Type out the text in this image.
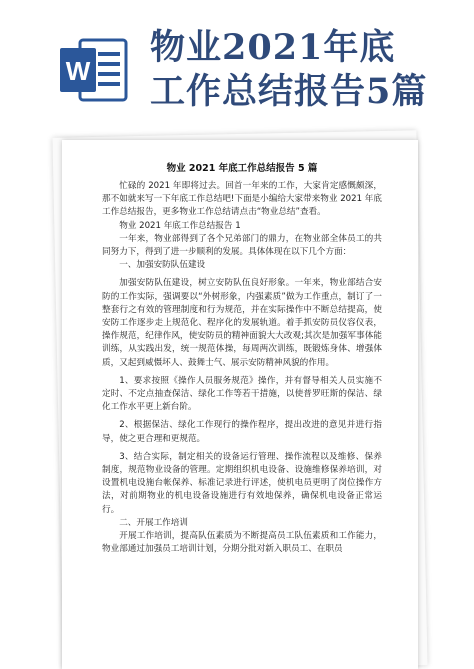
W
物业2021年底
工作总结报告5篇
物业 2021 年底工作总结报告 5 篇

忙碌的 2021 年即将过去。回首一年来的工作，大家肯定感慨颇深，那不如就来写一下年底工作总结吧!下面是小编给大家带来物业 2021 年底工作总结报告，更多物业工作总结请点击“物业总结”查看。

物业 2021 年底工作总结报告 1

一年来，物业部得到了各个兄弟部门的鼎力，在物业部全体员工的共同努力下，得到了进一步顺利的发展。具体体现在以下几个方面：

一、加强安防队伍建设

加强安防队伍建设，树立安防队伍良好形象。一年来，物业部结合安防的工作实际，强调要以“外树形象，内强素质”做为工作重点，制订了一整套行之有效的管理制度和行为规范，并在实际操作中不断总结提高，使安防工作逐步走上规范化、程序化的发展轨道。着手抓安防员仪容仪表，操作规范，纪律作风，使安防员的精神面貌大大改观;其次是加强军事体能训练，从实践出发，统一规范体操，每周两次训练，既锻炼身体、增强体质，又起到威慑坏人、鼓舞士气、展示安防精神风貌的作用。

1、要求按照《操作人员服务规范》操作，并有督导相关人员实施不定时、不定点抽查保洁、绿化工作等若干措施，以使普罗旺斯的保洁、绿化工作水平更上新台阶。

2、根据保洁、绿化工作现行的操作程序，提出改进的意见并进行指导，使之更合理和更规范。

3、结合实际，制定相关的设备运行管理、操作流程以及维修、保养制度，规范物业设备的管理。定期组织机电设备、设施维修保养培训，对设置机电设施台帐保养、标准记录进行评述，使机电员更明了岗位操作方法，对前期物业的机电设备设施进行有效地保养，确保机电设备正常运行。

二、开展工作培训

开展工作培训，提高队伍素质为不断提高员工队伍素质和工作能力，物业部通过加强员工培训计划，分期分批对新入职员工、在职员
